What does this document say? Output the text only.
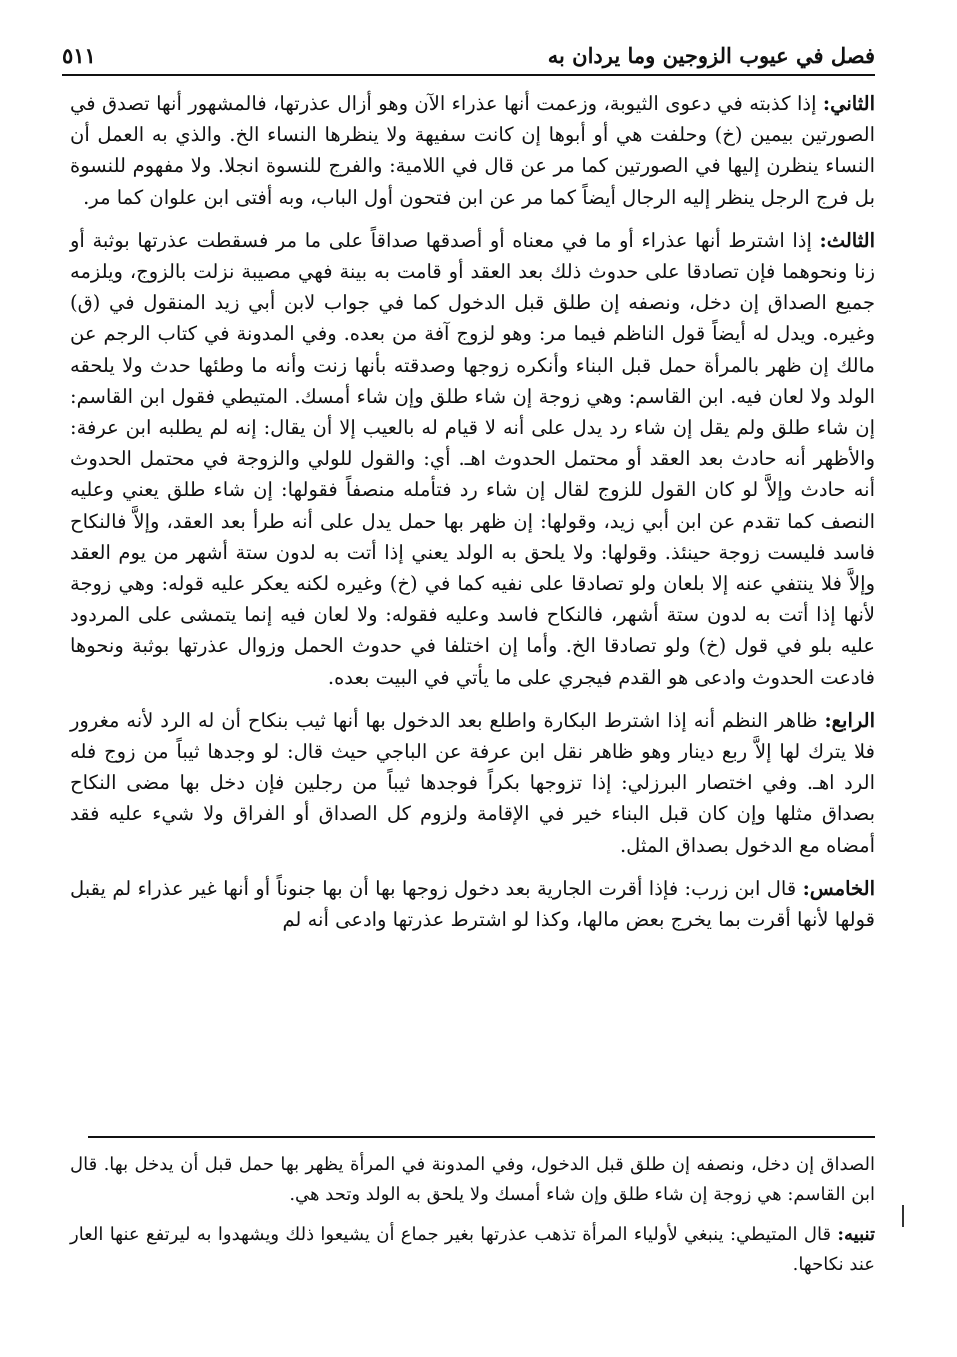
فصل في عيوب الزوجين وما يردان به
٥١١

الثاني: إذا كذبته في دعوى الثيوبة، وزعمت أنها عذراء الآن وهو أزال عذرتها، فالمشهور أنها تصدق في الصورتين بيمين (خ) وحلفت هي أو أبوها إن كانت سفيهة ولا ينظرها النساء الخ. والذي به العمل أن النساء ينظرن إليها في الصورتين كما مر عن قال في اللامية: والفرج للنسوة انجلا. ولا مفهوم للنسوة بل فرج الرجل ينظر إليه الرجال أيضاً كما مر عن ابن فتحون أول الباب، وبه أفتى ابن علوان كما مر.

الثالث: إذا اشترط أنها عذراء أو ما في معناه أو أصدقها صداقاً على ما مر فسقطت عذرتها بوثبة أو زنا ونحوهما فإن تصادقا على حدوث ذلك بعد العقد أو قامت به بينة فهي مصيبة نزلت بالزوج، ويلزمه جميع الصداق إن دخل، ونصفه إن طلق قبل الدخول كما في جواب لابن أبي زيد المنقول في (ق) وغيره. ويدل له أيضاً قول الناظم فيما مر: وهو لزوج آفة من بعده. وفي المدونة في كتاب الرجم عن مالك إن ظهر بالمرأة حمل قبل البناء وأنكره زوجها وصدقته بأنها زنت وأنه ما وطئها حدث ولا يلحقه الولد ولا لعان فيه. ابن القاسم: وهي زوجة إن شاء طلق وإن شاء أمسك. المتيطي فقول ابن القاسم: إن شاء طلق ولم يقل إن شاء رد يدل على أنه لا قيام له بالعيب إلا أن يقال: إنه لم يطلبه ابن عرفة: والأظهر أنه حادث بعد العقد أو محتمل الحدوث اهـ. أي: والقول للولي والزوجة في محتمل الحدوث أنه حادث وإلاَّ لو كان القول للزوج لقال إن شاء رد فتأمله منصفاً فقولها: إن شاء طلق يعني وعليه النصف كما تقدم عن ابن أبي زيد، وقولها: إن ظهر بها حمل يدل على أنه طرأ بعد العقد، وإلاَّ فالنكاح فاسد فليست زوجة حينئذ. وقولها: ولا يلحق به الولد يعني إذا أتت به لدون ستة أشهر من يوم العقد وإلاَّ فلا ينتفي عنه إلا بلعان ولو تصادقا على نفيه كما في (خ) وغيره لكنه يعكر عليه قوله: وهي زوجة لأنها إذا أتت به لدون ستة أشهر، فالنكاح فاسد وعليه فقوله: ولا لعان فيه إنما يتمشى على المردود عليه بلو في قول (خ) ولو تصادقا الخ. وأما إن اختلفا في حدوث الحمل وزوال عذرتها بوثبة ونحوها فادعت الحدوث وادعى هو القدم فيجري على ما يأتي في البيت بعده.

الرابع: ظاهر النظم أنه إذا اشترط البكارة واطلع بعد الدخول بها أنها ثيب بنكاح أن له الرد لأنه مغرور فلا يترك لها إلاَّ ربع دينار وهو ظاهر نقل ابن عرفة عن الباجي حيث قال: لو وجدها ثيباً من زوج فله الرد اهـ. وفي اختصار البرزلي: إذا تزوجها بكراً فوجدها ثيباً من رجلين فإن دخل بها مضى النكاح بصداق مثلها وإن كان قبل البناء خير في الإقامة ولزوم كل الصداق أو الفراق ولا شيء عليه فقد أمضاه مع الدخول بصداق المثل.

الخامس: قال ابن زرب: فإذا أقرت الجارية بعد دخول زوجها بها أن بها جنوناً أو أنها غير عذراء لم يقبل قولها لأنها أقرت بما يخرج بعض مالها، وكذا لو اشترط عذرتها وادعى أنه لم

الصداق إن دخل، ونصفه إن طلق قبل الدخول، وفي المدونة في المرأة يظهر بها حمل قبل أن يدخل بها. قال ابن القاسم: هي زوجة إن شاء طلق وإن شاء أمسك ولا يلحق به الولد وتحد هي.

تنبيه: قال المتيطي: ينبغي لأولياء المرأة تذهب عذرتها بغير جماع أن يشيعوا ذلك ويشهدوا به ليرتفع عنها العار عند نكاحها.
